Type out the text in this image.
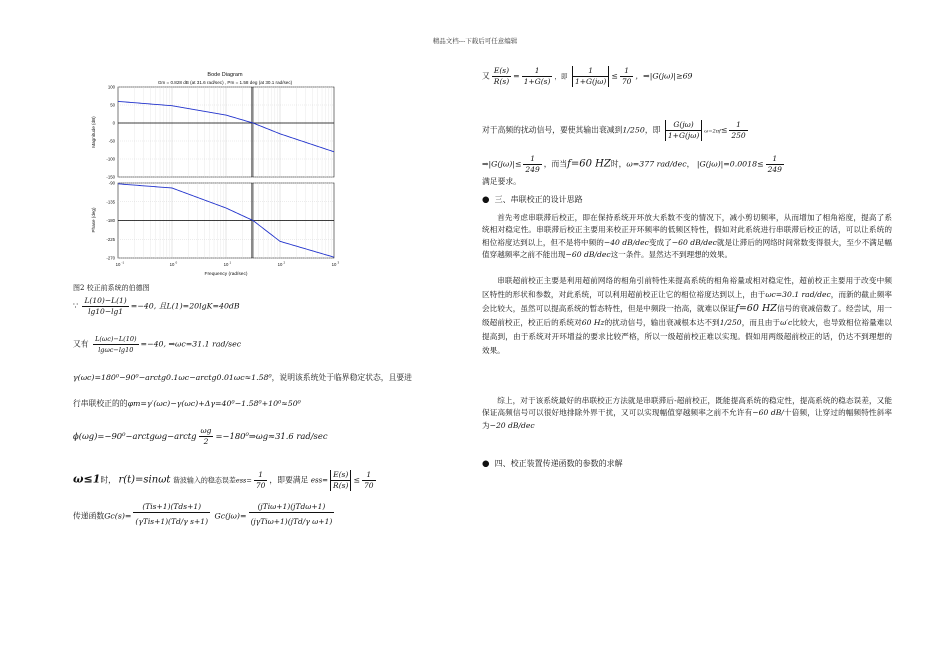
精品文档---下载后可任意编辑
Bode Diagram
Gm = 0.828 dB (at 31.6 rad/sec) , Pm = 1.58 deg (at 30.1 rad/sec)
100
50
0
-50
-100
-150
Magnitude (dB)
-90
-135
-180
-225
-270
Phase (deg)
Frequency (rad/sec)
10 -1	10 0	10 1	10 2	10 3
图2 校正前系统的伯德图
∵ $\frac{L(10)-L(1)}{\lg 10-\lg 1} =-40$, 且L(1)=20lgK=40dB
又有 $\frac{L(\omega c)-L(10)}{\lg\omega c-\lg 10} =-40$, ⇒ωc=31.1 rad/sec
γ(ωc)=180⁰−90⁰−arctg0.1ωc−arctg0.01ωc≈1.58⁰，说明该系统处于临界稳定状态，且要进
行串联校正的的φm=γ′(ωc)−γ(ωc)+Δγ=40⁰−1.58⁰+10⁰≈50⁰
ϕ(ωg)=−90⁰−arctgωg−arctg $\frac{\omega g}{2}$ =−180⁰⇒ωg≈31.6 rad/sec
ω≤1时， r(t)=sinωt 谐波输入的稳态误差$ess= \frac{1}{70}$ ，即要满足 $ess= \frac{E(s)}{R(s)} \le \frac{1}{70}$
传递函数$Gc(s)= \frac{\text{(Tis+1)(Tds+1)}}{\text{(γTis+1)(Td/γ s+1)}} Gc(j\omega)= \frac{\text{(jTiω+1)(jTdω+1)}}{\text{(jγTiω+1)(jTd/γ ω+1)}}$
又 $\frac{E(s)}{R(s)} = \frac{1}{1+G(s)}$ ，即 $\frac{1}{1+G(j\omega)} \le \frac{1}{70}$ ，⇒|G(jω)|≥69
对于高频的扰动信号，要使其输出衰减到1/250，即 $\frac{G(j\omega)}{1+G(j\omega)} \omega=2\pi f\le \frac{1}{250}$
⇒|G(jω)|≤ $\frac{1}{249}$ ，而当f=60 HZ时，ω=377 rad/dec， $|G(j\omega)|=0.0018\le \frac{1}{249}$
满足要求。
● 三、串联校正的设计思路
首先考虑串联滞后校正，即在保持系统开环放大系数不变的情况下，减小剪切频率，从而增加了相角裕度，提高了系统相对稳定性。串联滞后校正主要用来校正开环频率的低频区特性，假如对此系统进行串联滞后校正的话，可以让系统的相位裕度达到以上，但不是将中频的−40 dB/dec变成了−60 dB/dec就是让滞后的网络时间常数变得很大，至少不满足幅值穿越频率之前不能出现−60 dB/dec这一条件。显然达不到理想的效果。
串联超前校正主要是利用超前网络的相角引前特性来提高系统的相角裕量或相对稳定性，超前校正主要用于改变中频区特性的形状和参数，对此系统，可以利用超前校正让它的相位裕度达到以上，由于ωc=30.1 rad/dec，而新的截止频率会比较大，虽然可以提高系统的暂态特性，但是中频段一抬高，就难以保证f=60 HZ信号的衰减倍数了。经尝试，用一级超前校正，校正后的系统对60 Hz的扰动信号，输出衰减根本达不到1/250，而且由于ω′c比较大，也导致相位裕量难以提高到，由于系统对开环增益的要求比较严格，所以一级超前校正难以实现。假如用两级超前校正的话，仍达不到理想的效果。
综上，对于该系统最好的串联校正方法就是串联滞后-超前校正，既能提高系统的稳定性，提高系统的稳态误差，又能保证高频信号可以很好地排除外界干扰，又可以实现幅值穿越频率之前不允许有−60 dB/十倍频，让穿过的幅频特性斜率为−20 dB/dec
● 四、校正装置传递函数的参数的求解
